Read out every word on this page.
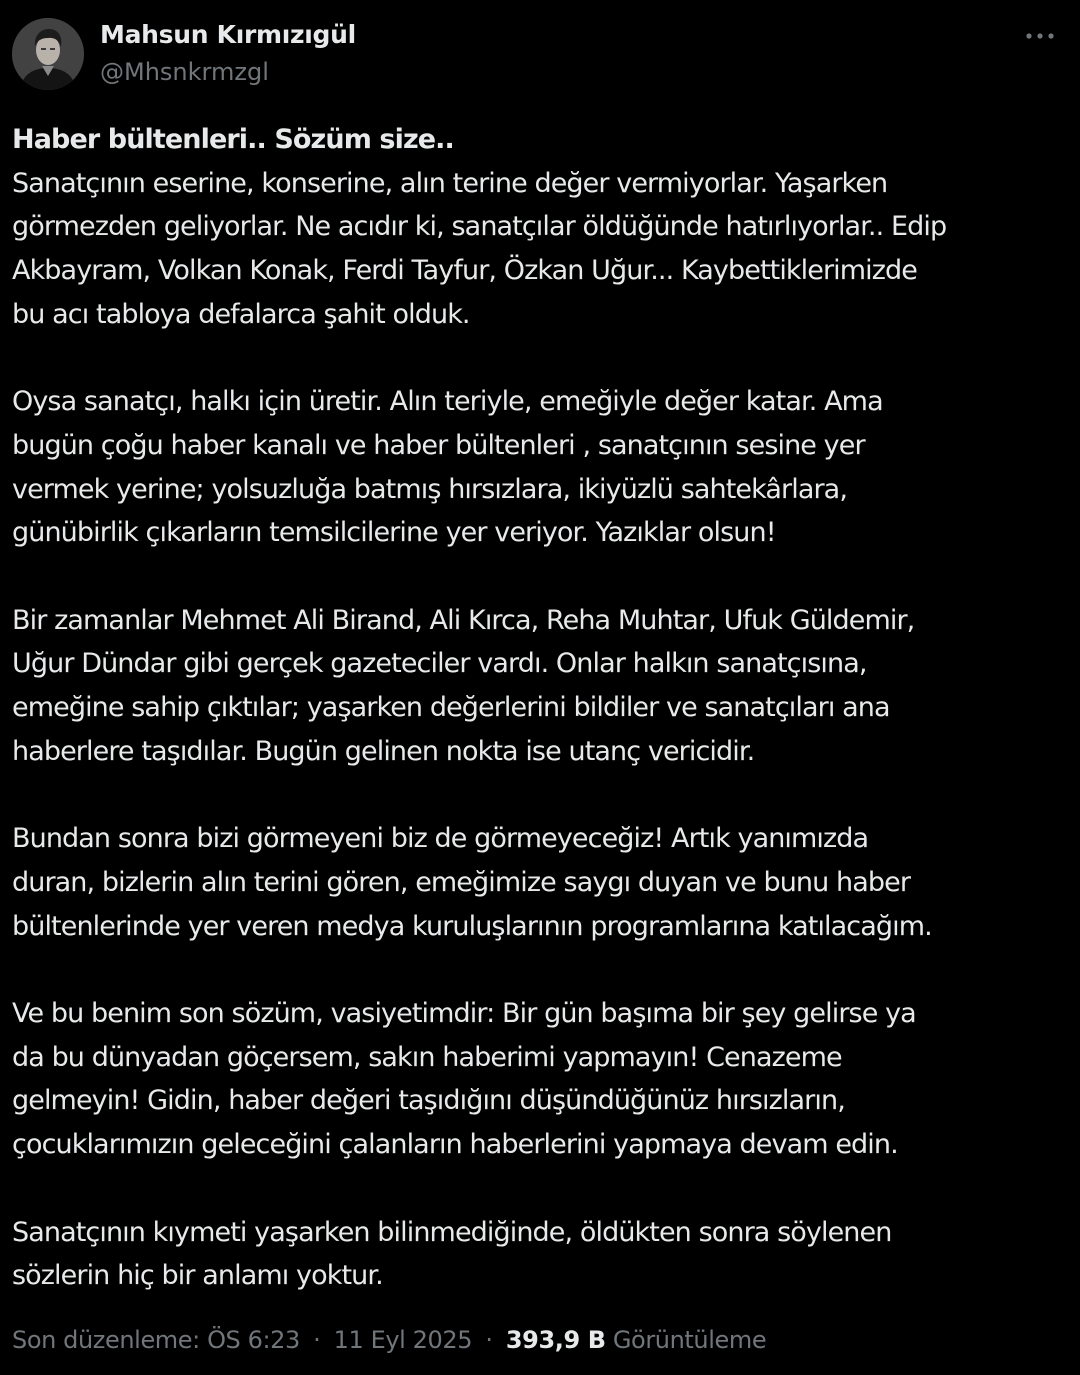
Mahsun Kırmızıgül
@Mhsnkrmzgl

Haber bültenleri.. Sözüm size..
Sanatçının eserine, konserine, alın terine değer vermiyorlar. Yaşarken
görmezden geliyorlar. Ne acıdır ki, sanatçılar öldüğünde hatırlıyorlar.. Edip
Akbayram, Volkan Konak, Ferdi Tayfur, Özkan Uğur... Kaybettiklerimizde
bu acı tabloya defalarca şahit olduk.

Oysa sanatçı, halkı için üretir. Alın teriyle, emeğiyle değer katar. Ama
bugün çoğu haber kanalı ve haber bültenleri , sanatçının sesine yer
vermek yerine; yolsuzluğa batmış hırsızlara, ikiyüzlü sahtekârlara,
günübirlik çıkarların temsilcilerine yer veriyor. Yazıklar olsun!

Bir zamanlar Mehmet Ali Birand, Ali Kırca, Reha Muhtar, Ufuk Güldemir,
Uğur Dündar gibi gerçek gazeteciler vardı. Onlar halkın sanatçısına,
emeğine sahip çıktılar; yaşarken değerlerini bildiler ve sanatçıları ana
haberlere taşıdılar. Bugün gelinen nokta ise utanç vericidir.

Bundan sonra bizi görmeyeni biz de görmeyeceğiz! Artık yanımızda
duran, bizlerin alın terini gören, emeğimize saygı duyan ve bunu haber
bültenlerinde yer veren medya kuruluşlarının programlarına katılacağım.

Ve bu benim son sözüm, vasiyetimdir: Bir gün başıma bir şey gelirse ya
da bu dünyadan göçersem, sakın haberimi yapmayın! Cenazeme
gelmeyin! Gidin, haber değeri taşıdığını düşündüğünüz hırsızların,
çocuklarımızın geleceğini çalanların haberlerini yapmaya devam edin.

Sanatçının kıymeti yaşarken bilinmediğinde, öldükten sonra söylenen
sözlerin hiç bir anlamı yoktur.

Son düzenleme: ÖS 6:23 · 11 Eyl 2025 · 393,9 B Görüntüleme
